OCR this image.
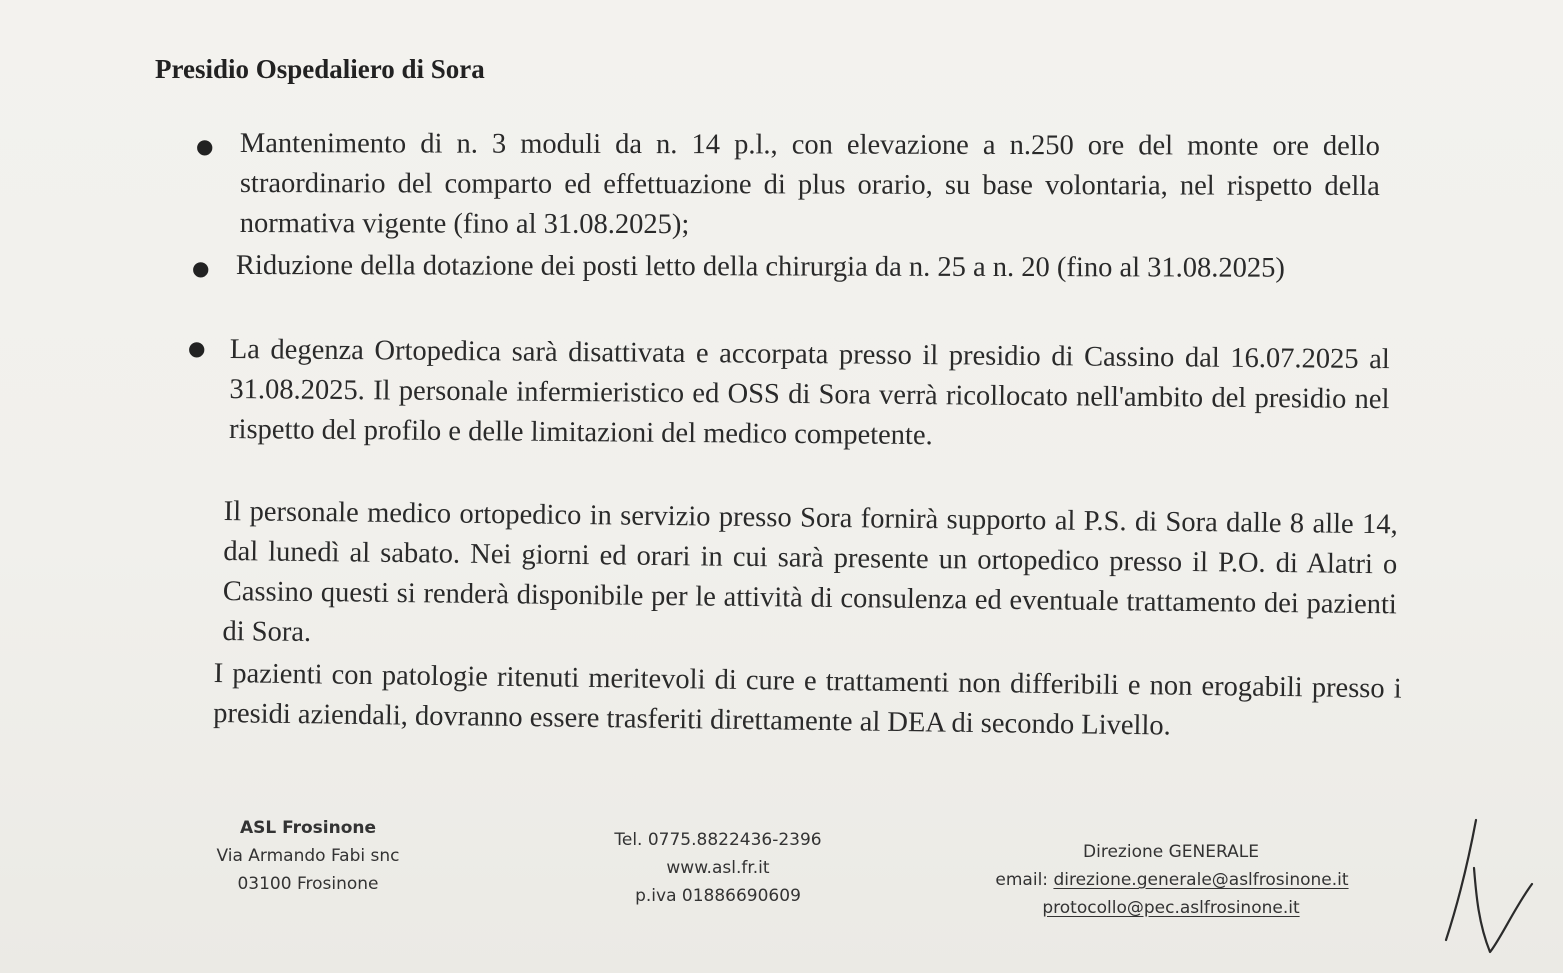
Presidio Ospedaliero di Sora
● Mantenimento di n. 3 moduli da n. 14 p.l., con elevazione a n.250 ore del monte ore dello straordinario del comparto ed effettuazione di plus orario, su base volontaria, nel rispetto della normativa vigente (fino al 31.08.2025);
● Riduzione della dotazione dei posti letto della chirurgia da n. 25 a n. 20 (fino al 31.08.2025)
● La degenza Ortopedica sarà disattivata e accorpata presso il presidio di Cassino dal 16.07.2025 al 31.08.2025. Il personale infermieristico ed OSS di Sora verrà ricollocato nell'ambito del presidio nel rispetto del profilo e delle limitazioni del medico competente.

Il personale medico ortopedico in servizio presso Sora fornirà supporto al P.S. di Sora dalle 8 alle 14, dal lunedì al sabato. Nei giorni ed orari in cui sarà presente un ortopedico presso il P.O. di Alatri o Cassino questi si renderà disponibile per le attività di consulenza ed eventuale trattamento dei pazienti di Sora.

I pazienti con patologie ritenuti meritevoli di cure e trattamenti non differibili e non erogabili presso i presidi aziendali, dovranno essere trasferiti direttamente al DEA di secondo Livello.

ASL Frosinone
Via Armando Fabi snc
03100 Frosinone
Tel. 0775.8822436-2396
www.asl.fr.it
p.iva 01886690609
Direzione GENERALE
email: direzione.generale@aslfrosinone.it
protocollo@pec.aslfrosinone.it
